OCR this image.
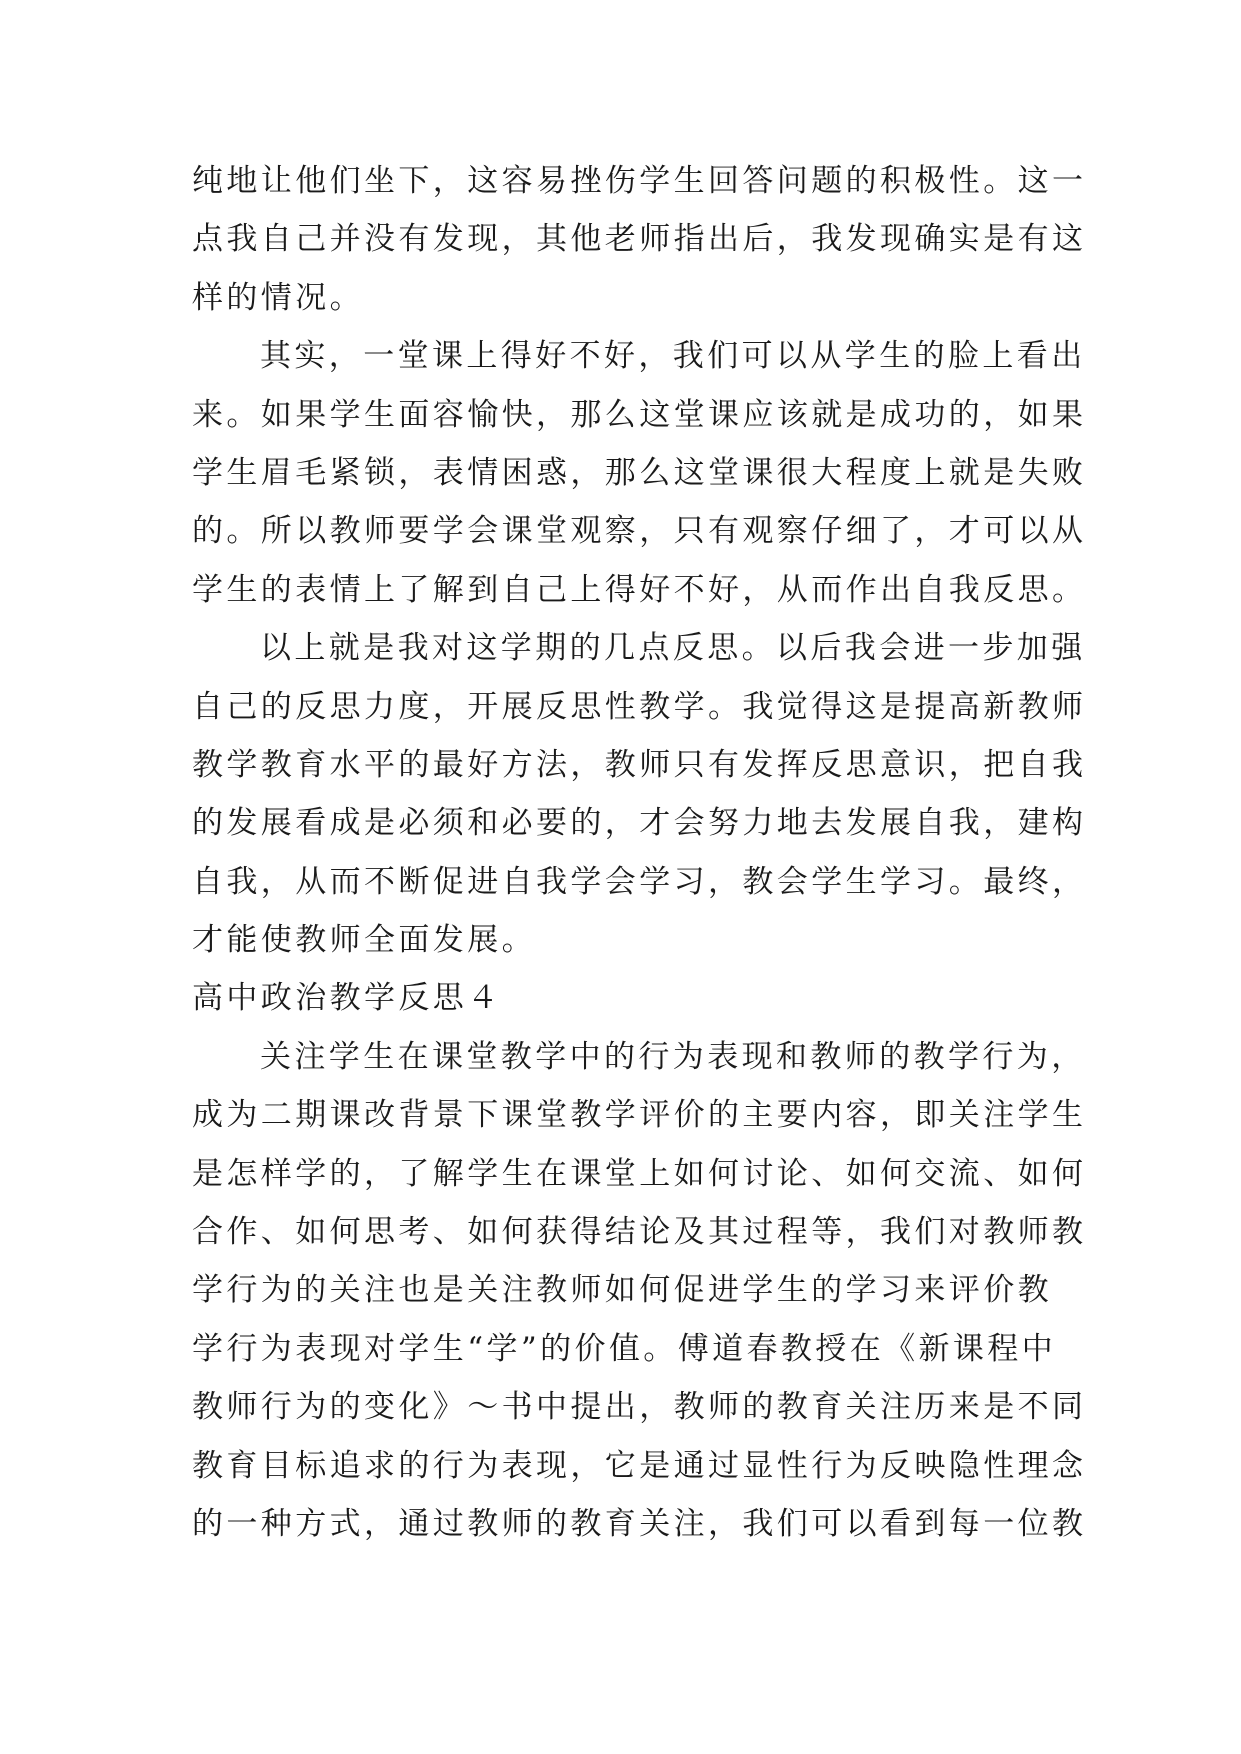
纯地让他们坐下，这容易挫伤学生回答问题的积极性。这一
点我自己并没有发现，其他老师指出后，我发现确实是有这
样的情况。
其实，一堂课上得好不好，我们可以从学生的脸上看出
来。如果学生面容愉快，那么这堂课应该就是成功的，如果
学生眉毛紧锁，表情困惑，那么这堂课很大程度上就是失败
的。所以教师要学会课堂观察，只有观察仔细了，才可以从
学生的表情上了解到自己上得好不好，从而作出自我反思。
以上就是我对这学期的几点反思。以后我会进一步加强
自己的反思力度，开展反思性教学。我觉得这是提高新教师
教学教育水平的最好方法，教师只有发挥反思意识，把自我
的发展看成是必须和必要的，才会努力地去发展自我，建构
自我，从而不断促进自我学会学习，教会学生学习。最终，
才能使教师全面发展。
高中政治教学反思４
关注学生在课堂教学中的行为表现和教师的教学行为，
成为二期课改背景下课堂教学评价的主要内容，即关注学生
是怎样学的，了解学生在课堂上如何讨论、如何交流、如何
合作、如何思考、如何获得结论及其过程等，我们对教师教
学行为的关注也是关注教师如何促进学生的学习来评价教
学行为表现对学生“学”的价值。傅道春教授在《新课程中
教师行为的变化》～书中提出，教师的教育关注历来是不同
教育目标追求的行为表现，它是通过显性行为反映隐性理念
的一种方式，通过教师的教育关注，我们可以看到每一位教
